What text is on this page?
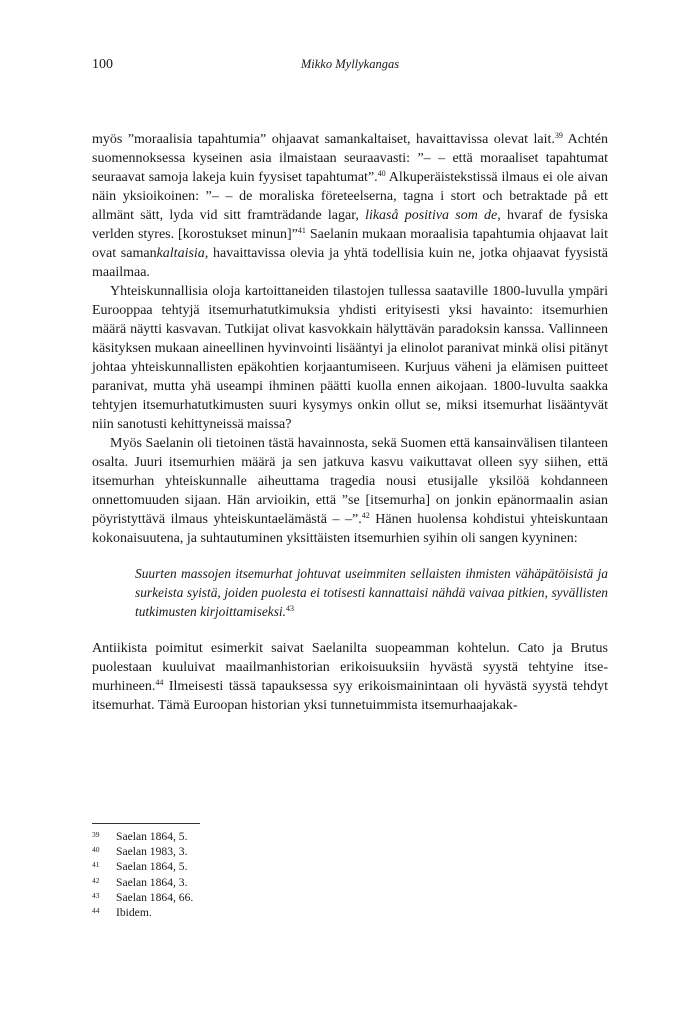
100	Mikko Myllykangas

myös ”moraalisia tapahtumia” ohjaavat samankaltaiset, havaittavissa olevat lait.$^{39}$ Achtén suomennoksessa kyseinen asia ilmaistaan seuraavasti: ”– – että moraaliset tapahtumat seuraavat samoja lakeja kuin fyysiset tapahtumat”.$^{40}$ Alkuperäistekstissä ilmaus ei ole aivan näin yksioikoinen: ”– – de moraliska företeelserna, tagna i stort och betraktade på ett allmänt sätt, lyda vid sitt framträdande lagar, likaså positiva som de, hvaraf de fysiska verlden styres. [korostukset minun]”$^{41}$ Saelanin mukaan moraalisia tapahtumia ohjaavat lait ovat samankaltaisia, havaittavissa olevia ja yhtä todellisia kuin ne, jotka ohjaavat fyysistä maailmaa.

Yhteiskunnallisia oloja kartoittaneiden tilastojen tullessa saataville 1800-luvulla ympäri Eurooppaa tehtyjä itsemurhatutkimuksia yhdisti erityisesti yksi havainto: itsemurhien määrä näytti kasvavan. Tutkijat olivat kasvokkain hälyttävän paradoksin kanssa. Vallinneen käsityksen mukaan aineellinen hyvinvointi lisääntyi ja elinolot paranivat minkä olisi pitänyt johtaa yhteiskunnallisten epäkohtien korjaantumiseen. Kurjuus väheni ja elämisen puitteet paranivat, mutta yhä useampi ihminen päätti kuolla ennen aikojaan. 1800-luvulta saakka tehtyjen itsemurhatutkimusten suuri kysymys onkin ollut se, miksi itsemurhat lisääntyvät niin sanotusti kehittyneissä maissa?

Myös Saelanin oli tietoinen tästä havainnosta, sekä Suomen että kansainvälisen tilanteen osalta. Juuri itsemurhien määrä ja sen jatkuva kasvu vaikuttavat olleen syy siihen, että itsemurhan yhteiskunnalle aiheuttama tragedia nousi etusijalle yksilöä kohdanneen onnettomuuden sijaan. Hän arvioikin, että ”se [itsemurha] on jonkin epänormaalin asian pöyristyttävä ilmaus yhteiskuntaelämästä – –”.$^{42}$ Hänen huolensa kohdistui yhteiskuntaan kokonaisuutena, ja suhtautuminen yksittäisten itsemurhien syihin oli sangen kyyninen:

Suurten massojen itsemurhat johtuvat useimmiten sellaisten ihmisten vähäpätöisistä ja surkeista syistä, joiden puolesta ei totisesti kannattaisi nähdä vaivaa pitkien, syvällisten tutkimusten kirjoittamiseksi.$^{43}$

Antiikista poimitut esimerkit saivat Saelanilta suopeamman kohtelun. Cato ja Brutus puolestaan kuuluivat maailmanhistorian erikoisuuksiin hyvästä syystä tehtyine itsemurhineen.$^{44}$ Ilmeisesti tässä tapauksessa syy erikoismainintaan oli hyvästä syystä tehdyt itsemurhat. Tämä Euroopan historian yksi tunnetuimmista itsemurhaajakak-

39	Saelan 1864, 5.
40	Saelan 1983, 3.
41	Saelan 1864, 5.
42	Saelan 1864, 3.
43	Saelan 1864, 66.
44	Ibidem.
